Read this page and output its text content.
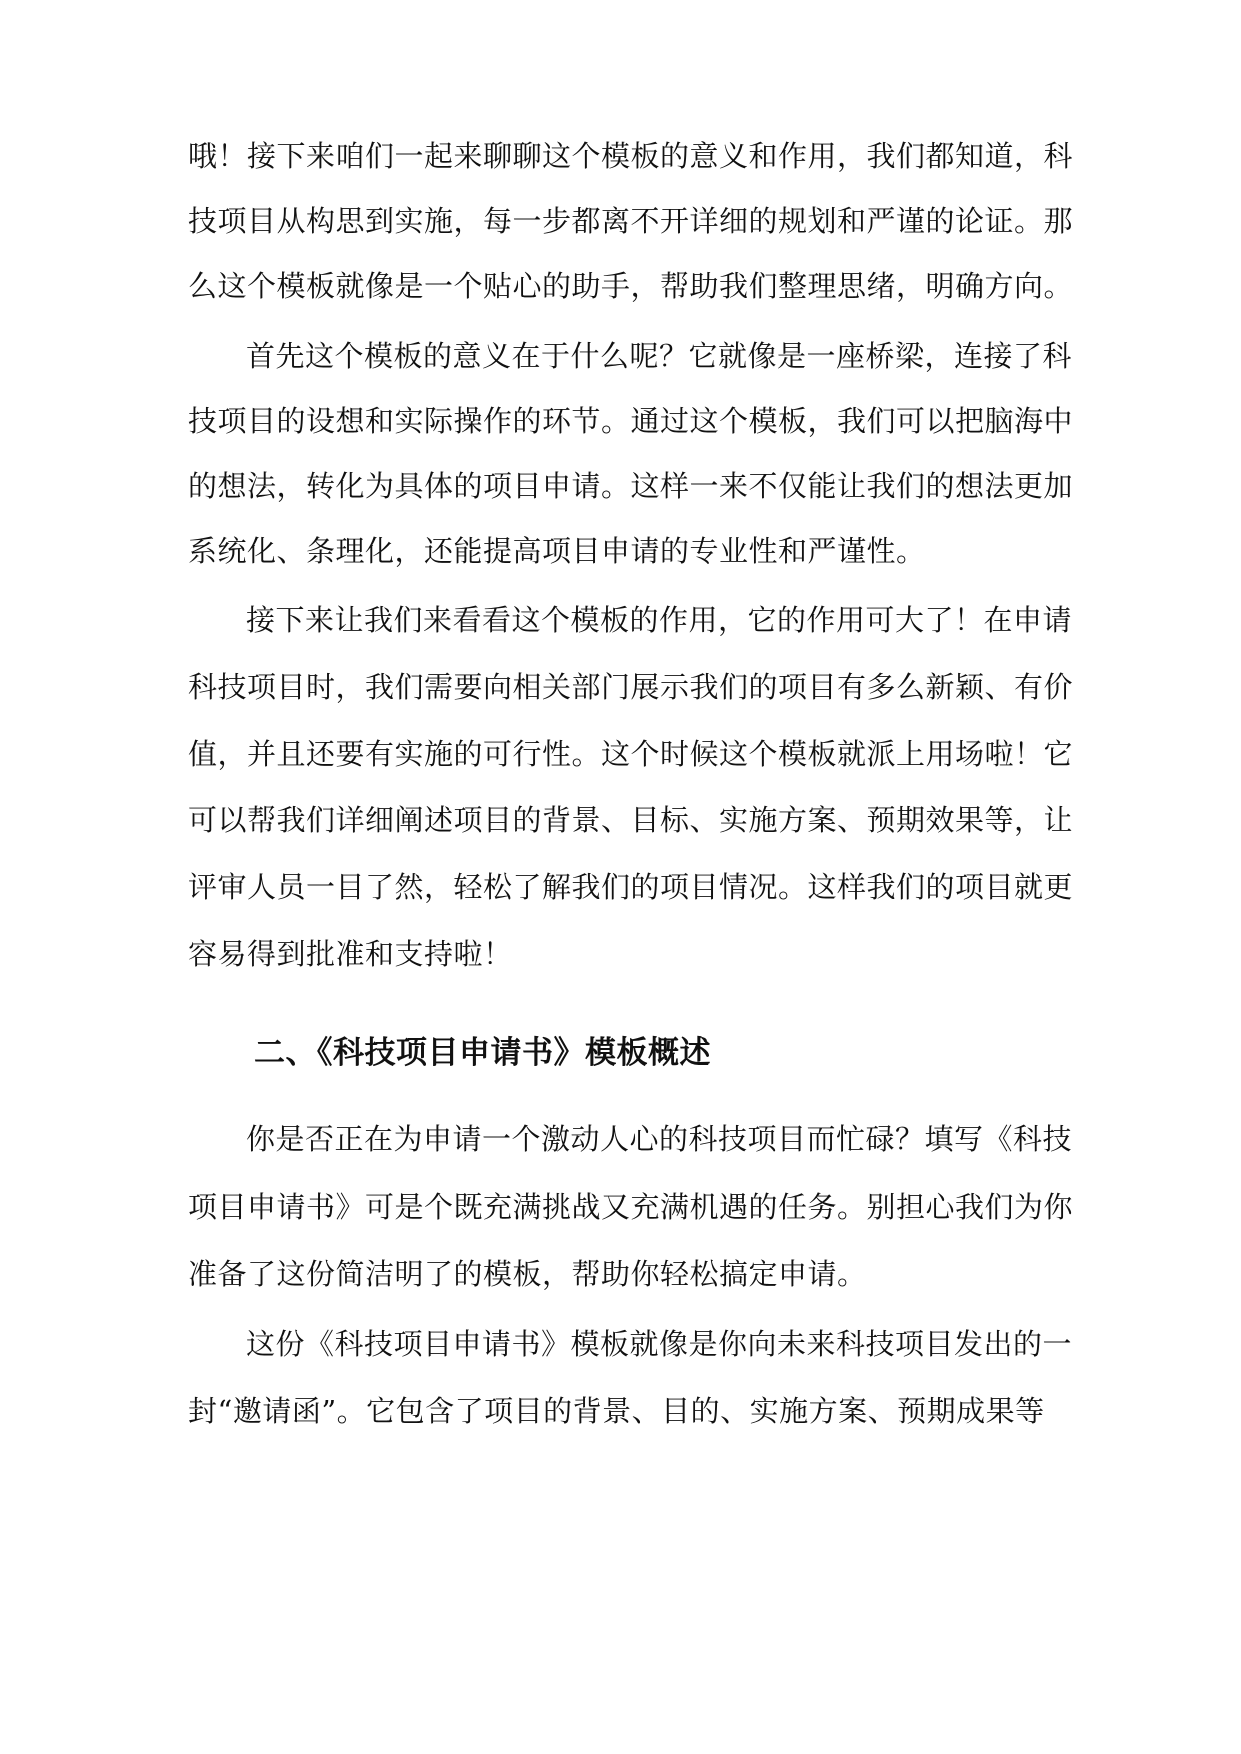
哦！接下来咱们一起来聊聊这个模板的意义和作用，我们都知道，科
技项目从构思到实施，每一步都离不开详细的规划和严谨的论证。那
么这个模板就像是一个贴心的助手，帮助我们整理思绪，明确方向。
首先这个模板的意义在于什么呢？它就像是一座桥梁，连接了科
技项目的设想和实际操作的环节。通过这个模板，我们可以把脑海中
的想法，转化为具体的项目申请。这样一来不仅能让我们的想法更加
系统化、条理化，还能提高项目申请的专业性和严谨性。
接下来让我们来看看这个模板的作用，它的作用可大了！在申请
科技项目时，我们需要向相关部门展示我们的项目有多么新颖、有价
值，并且还要有实施的可行性。这个时候这个模板就派上用场啦！它
可以帮我们详细阐述项目的背景、目标、实施方案、预期效果等，让
评审人员一目了然，轻松了解我们的项目情况。这样我们的项目就更
容易得到批准和支持啦！
二、《科技项目申请书》模板概述
你是否正在为申请一个激动人心的科技项目而忙碌？填写《科技
项目申请书》可是个既充满挑战又充满机遇的任务。别担心我们为你
准备了这份简洁明了的模板，帮助你轻松搞定申请。
这份《科技项目申请书》模板就像是你向未来科技项目发出的一
封“邀请函”。它包含了项目的背景、目的、实施方案、预期成果等
